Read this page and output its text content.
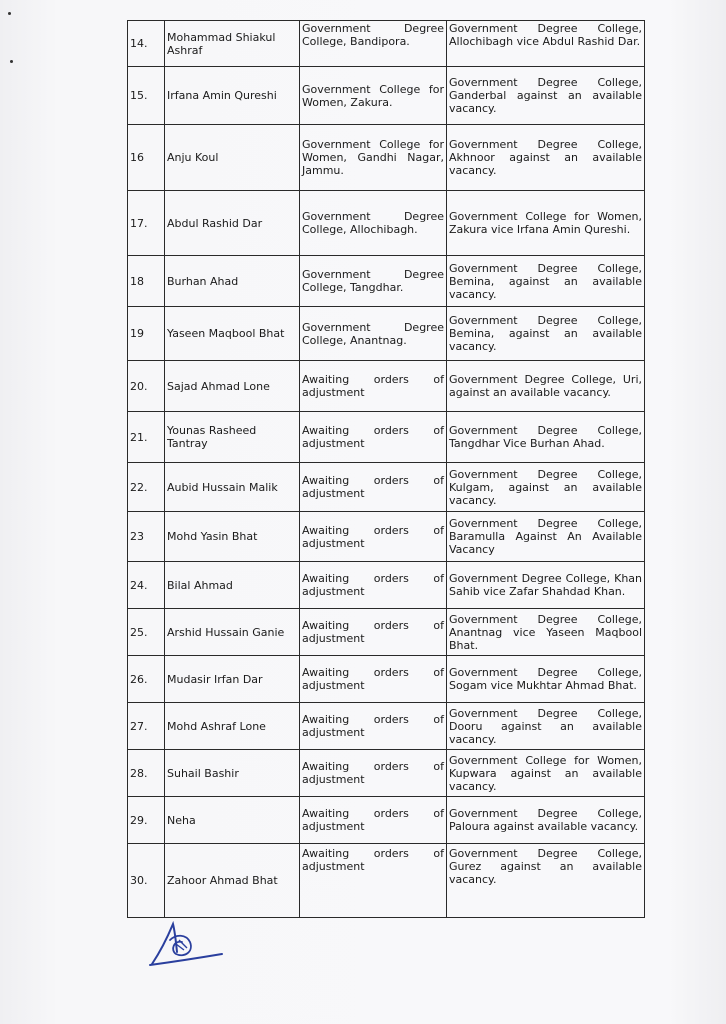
14.	Mohammad Shiakul Ashraf	Government Degree College, Bandipora.	Government Degree College, Allochibagh vice Abdul Rashid Dar.
15.	Irfana Amin Qureshi	Government College for Women, Zakura.	Government Degree College, Ganderbal against an available vacancy.
16	Anju Koul	Government College for Women, Gandhi Nagar, Jammu.	Government Degree College, Akhnoor against an available vacancy.
17.	Abdul Rashid Dar	Government Degree College, Allochibagh.	Government College for Women, Zakura vice Irfana Amin Qureshi.
18	Burhan Ahad	Government Degree College, Tangdhar.	Government Degree College, Bemina, against an available vacancy.
19	Yaseen Maqbool Bhat	Government Degree College, Anantnag.	Government Degree College, Bemina, against an available vacancy.
20.	Sajad Ahmad Lone	Awaiting orders of adjustment	Government Degree College, Uri, against an available vacancy.
21.	Younas Rasheed Tantray	Awaiting orders of adjustment	Government Degree College, Tangdhar Vice Burhan Ahad.
22.	Aubid Hussain Malik	Awaiting orders of adjustment	Government Degree College, Kulgam, against an available vacancy.
23	Mohd Yasin Bhat	Awaiting orders of adjustment	Government Degree College, Baramulla Against An Available Vacancy
24.	Bilal Ahmad	Awaiting orders of adjustment	Government Degree College, Khan Sahib vice Zafar Shahdad Khan.
25.	Arshid Hussain Ganie	Awaiting orders of adjustment	Government Degree College, Anantnag vice Yaseen Maqbool Bhat.
26.	Mudasir Irfan Dar	Awaiting orders of adjustment	Government Degree College, Sogam vice Mukhtar Ahmad Bhat.
27.	Mohd Ashraf Lone	Awaiting orders of adjustment	Government Degree College, Dooru against an available vacancy.
28.	Suhail Bashir	Awaiting orders of adjustment	Government College for Women, Kupwara against an available vacancy.
29.	Neha	Awaiting orders of adjustment	Government Degree College, Paloura against available vacancy.
30.	Zahoor Ahmad Bhat	Awaiting orders of adjustment	Government Degree College, Gurez against an available vacancy.
